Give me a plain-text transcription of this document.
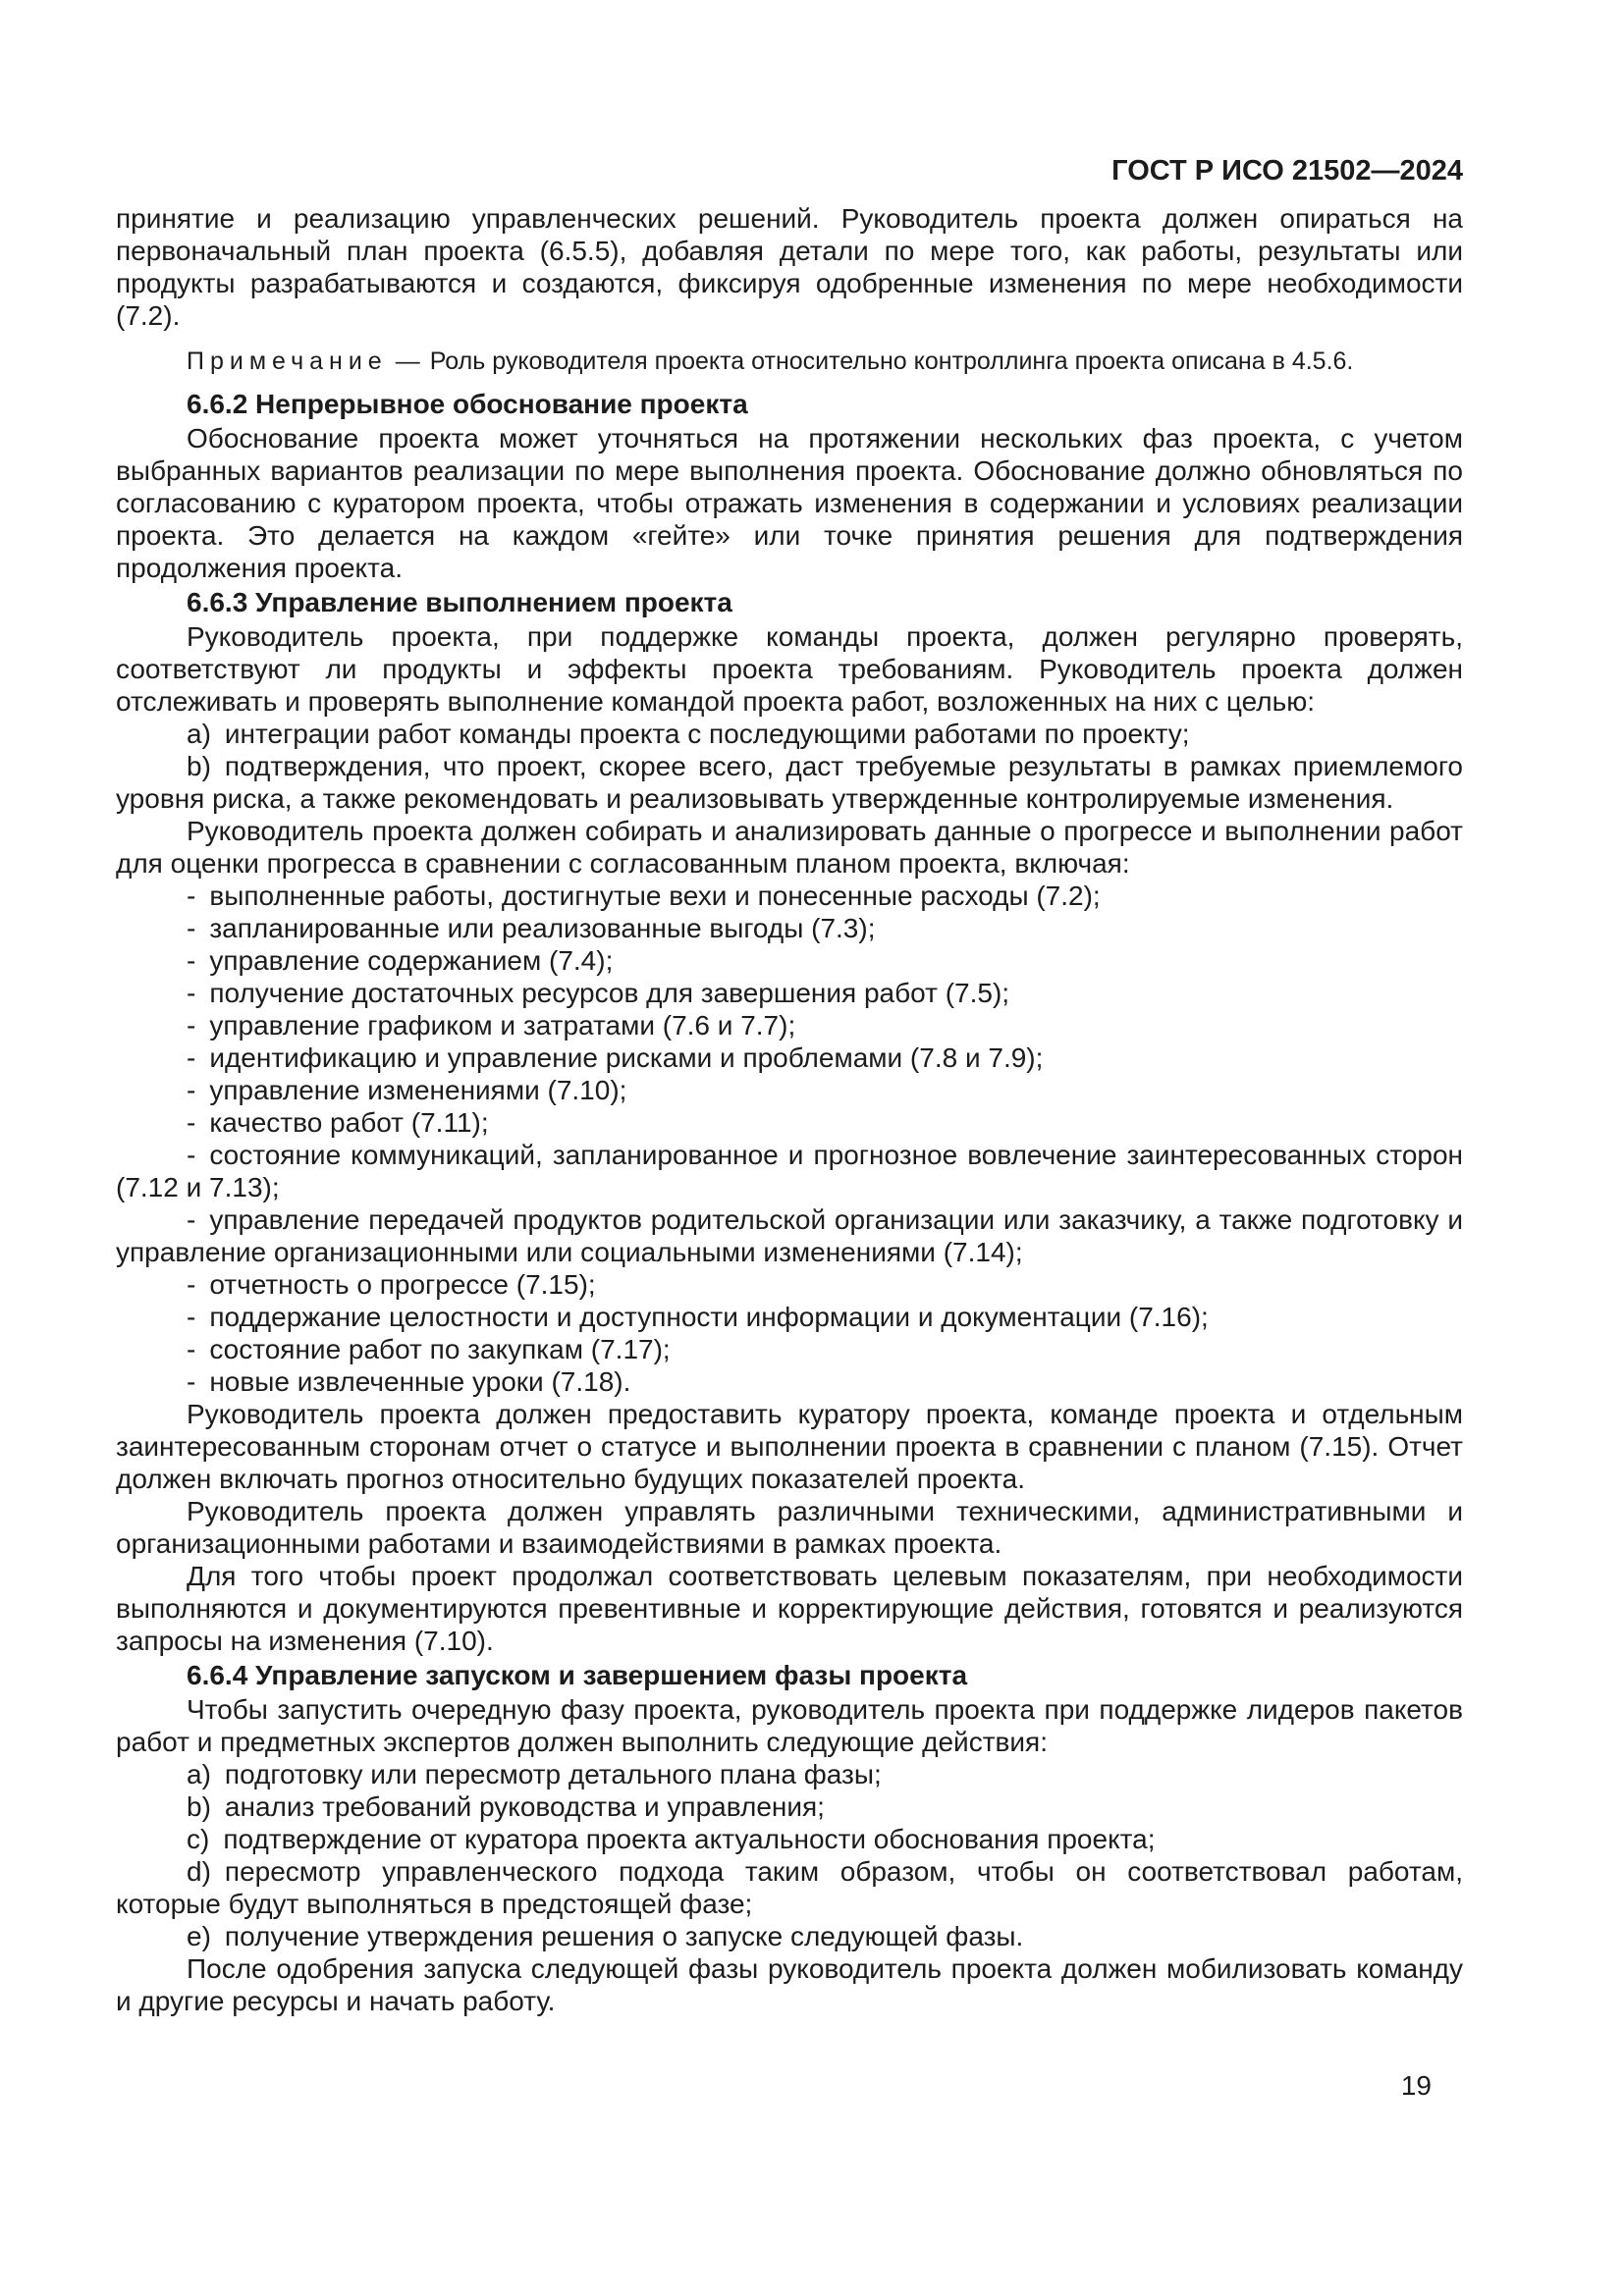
ГОСТ Р ИСО 21502—2024

принятие и реализацию управленческих решений. Руководитель проекта должен опираться на первоначальный план проекта (6.5.5), добавляя детали по мере того, как работы, результаты или продукты разрабатываются и создаются, фиксируя одобренные изменения по мере необходимости (7.2).

Примечание — Роль руководителя проекта относительно контроллинга проекта описана в 4.5.6.

6.6.2 Непрерывное обоснование проекта

Обоснование проекта может уточняться на протяжении нескольких фаз проекта, с учетом выбранных вариантов реализации по мере выполнения проекта. Обоснование должно обновляться по согласованию с куратором проекта, чтобы отражать изменения в содержании и условиях реализации проекта. Это делается на каждом «гейте» или точке принятия решения для подтверждения продолжения проекта.

6.6.3 Управление выполнением проекта

Руководитель проекта, при поддержке команды проекта, должен регулярно проверять, соответствуют ли продукты и эффекты проекта требованиям. Руководитель проекта должен отслеживать и проверять выполнение командой проекта работ, возложенных на них с целью:

a) интеграции работ команды проекта с последующими работами по проекту;

b) подтверждения, что проект, скорее всего, даст требуемые результаты в рамках приемлемого уровня риска, а также рекомендовать и реализовывать утвержденные контролируемые изменения.

Руководитель проекта должен собирать и анализировать данные о прогрессе и выполнении работ для оценки прогресса в сравнении с согласованным планом проекта, включая:

- выполненные работы, достигнутые вехи и понесенные расходы (7.2);

- запланированные или реализованные выгоды (7.3);

- управление содержанием (7.4);

- получение достаточных ресурсов для завершения работ (7.5);

- управление графиком и затратами (7.6 и 7.7);

- идентификацию и управление рисками и проблемами (7.8 и 7.9);

- управление изменениями (7.10);

- качество работ (7.11);

- состояние коммуникаций, запланированное и прогнозное вовлечение заинтересованных сторон (7.12 и 7.13);

- управление передачей продуктов родительской организации или заказчику, а также подготовку и управление организационными или социальными изменениями (7.14);

- отчетность о прогрессе (7.15);

- поддержание целостности и доступности информации и документации (7.16);

- состояние работ по закупкам (7.17);

- новые извлеченные уроки (7.18).

Руководитель проекта должен предоставить куратору проекта, команде проекта и отдельным заинтересованным сторонам отчет о статусе и выполнении проекта в сравнении с планом (7.15). Отчет должен включать прогноз относительно будущих показателей проекта.

Руководитель проекта должен управлять различными техническими, административными и организационными работами и взаимодействиями в рамках проекта.

Для того чтобы проект продолжал соответствовать целевым показателям, при необходимости выполняются и документируются превентивные и корректирующие действия, готовятся и реализуются запросы на изменения (7.10).

6.6.4 Управление запуском и завершением фазы проекта

Чтобы запустить очередную фазу проекта, руководитель проекта при поддержке лидеров пакетов работ и предметных экспертов должен выполнить следующие действия:

a) подготовку или пересмотр детального плана фазы;

b) анализ требований руководства и управления;

c) подтверждение от куратора проекта актуальности обоснования проекта;

d) пересмотр управленческого подхода таким образом, чтобы он соответствовал работам, которые будут выполняться в предстоящей фазе;

e) получение утверждения решения о запуске следующей фазы.

После одобрения запуска следующей фазы руководитель проекта должен мобилизовать команду и другие ресурсы и начать работу.

19
